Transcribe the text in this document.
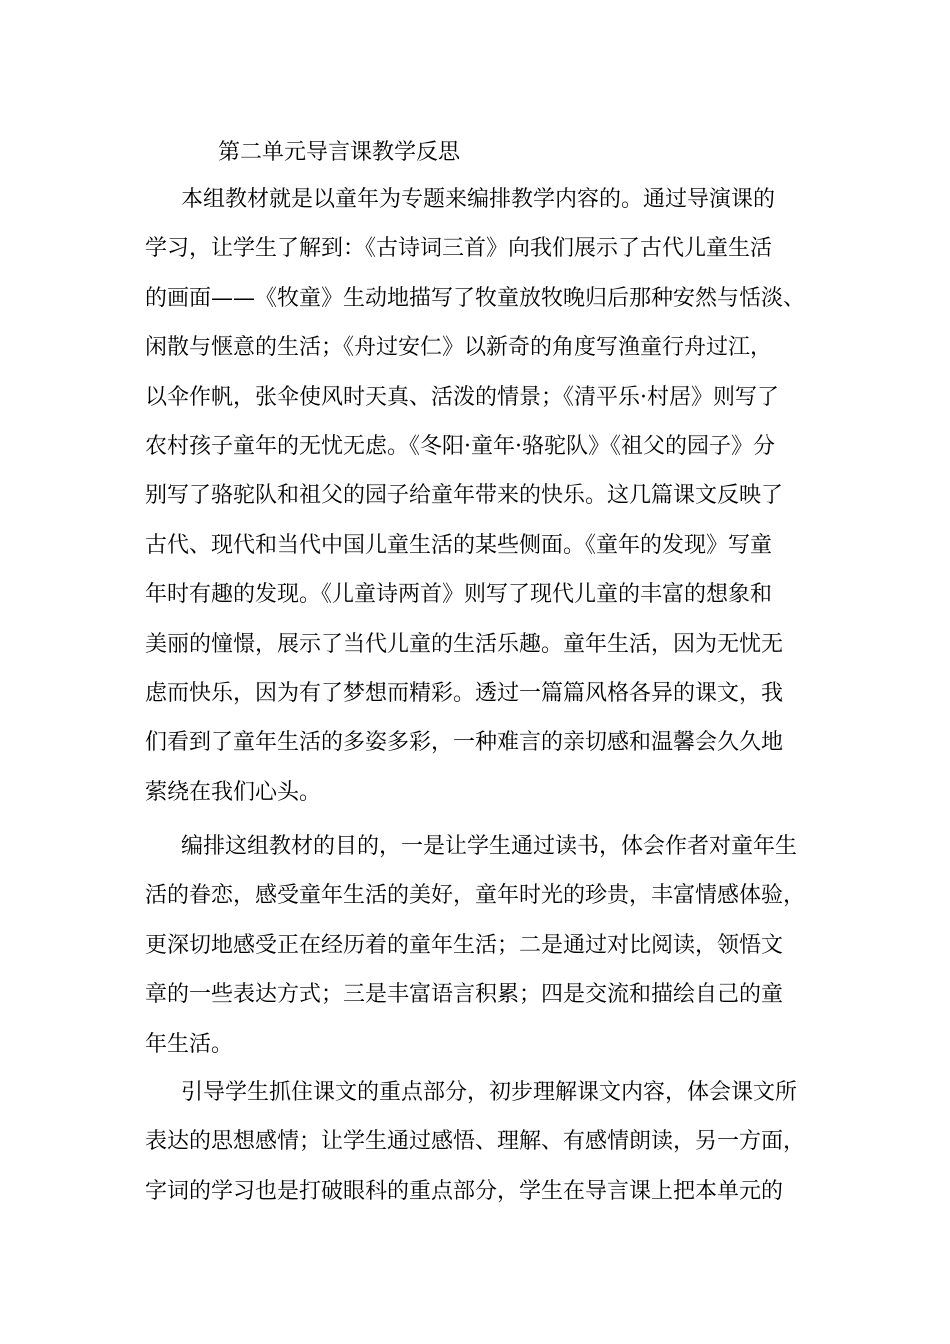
第二单元导言课教学反思
本组教材就是以童年为专题来编排教学内容的。通过导演课的
学习，让学生了解到：《古诗词三首》向我们展示了古代儿童生活
的画面——《牧童》生动地描写了牧童放牧晚归后那种安然与恬淡、
闲散与惬意的生活；《舟过安仁》以新奇的角度写渔童行舟过江，
以伞作帆，张伞使风时天真、活泼的情景；《清平乐·村居》则写了
农村孩子童年的无忧无虑。《冬阳·童年·骆驼队》《祖父的园子》分
别写了骆驼队和祖父的园子给童年带来的快乐。这几篇课文反映了
古代、现代和当代中国儿童生活的某些侧面。《童年的发现》写童
年时有趣的发现。《儿童诗两首》则写了现代儿童的丰富的想象和
美丽的憧憬，展示了当代儿童的生活乐趣。童年生活，因为无忧无
虑而快乐，因为有了梦想而精彩。透过一篇篇风格各异的课文，我
们看到了童年生活的多姿多彩，一种难言的亲切感和温馨会久久地
萦绕在我们心头。
编排这组教材的目的，一是让学生通过读书，体会作者对童年生
活的眷恋，感受童年生活的美好，童年时光的珍贵，丰富情感体验，
更深切地感受正在经历着的童年生活；二是通过对比阅读，领悟文
章的一些表达方式；三是丰富语言积累；四是交流和描绘自己的童
年生活。
引导学生抓住课文的重点部分，初步理解课文内容，体会课文所
表达的思想感情；让学生通过感悟、理解、有感情朗读，另一方面，
字词的学习也是打破眼科的重点部分，学生在导言课上把本单元的
